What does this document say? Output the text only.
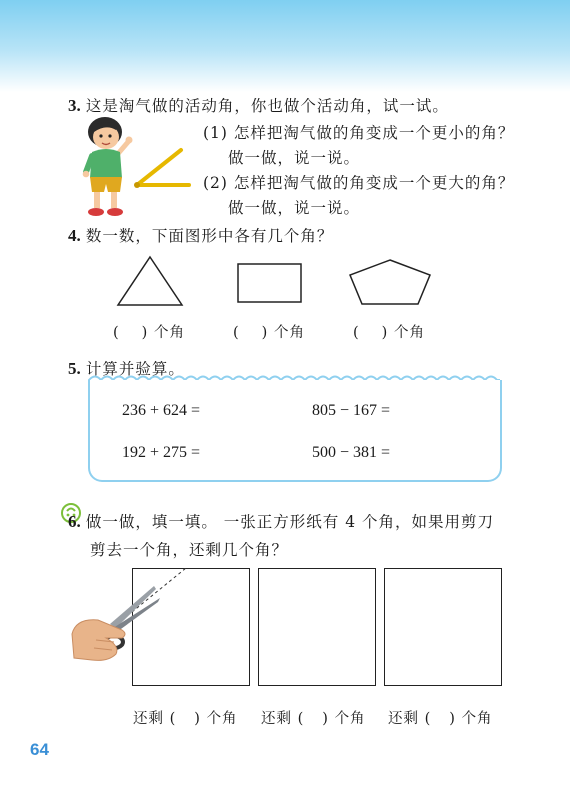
3. 这是淘气做的活动角，你也做个活动角，试一试。
(1) 怎样把淘气做的角变成一个更小的角？
做一做，说一说。
(2) 怎样把淘气做的角变成一个更大的角？
做一做，说一说。
4. 数一数，下面图形中各有几个角？
( ) 个角	( ) 个角	( ) 个角
5. 计算并验算。
236 + 624 =	805 − 167 =
192 + 275 =	500 − 381 =
6. 做一做，填一填。 一张正方形纸有 4 个角，如果用剪刀
剪去一个角，还剩几个角？
还剩 ( ) 个角 还剩 ( ) 个角 还剩 ( ) 个角
64
